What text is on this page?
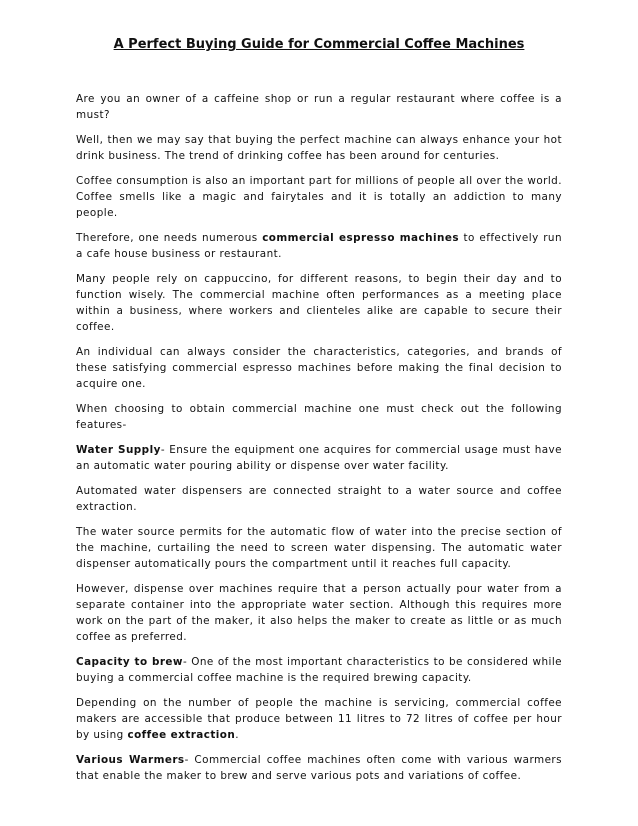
A Perfect Buying Guide for Commercial Coffee Machines

Are you an owner of a caffeine shop or run a regular restaurant where coffee is a must?

Well, then we may say that buying the perfect machine can always enhance your hot drink business. The trend of drinking coffee has been around for centuries.

Coffee consumption is also an important part for millions of people all over the world. Coffee smells like a magic and fairytales and it is totally an addiction to many people.

Therefore, one needs numerous commercial espresso machines to effectively run a cafe house business or restaurant.

Many people rely on cappuccino, for different reasons, to begin their day and to function wisely. The commercial machine often performances as a meeting place within a business, where workers and clienteles alike are capable to secure their coffee.

An individual can always consider the characteristics, categories, and brands of these satisfying commercial espresso machines before making the final decision to acquire one.

When choosing to obtain commercial machine one must check out the following features-

Water Supply- Ensure the equipment one acquires for commercial usage must have an automatic water pouring ability or dispense over water facility.

Automated water dispensers are connected straight to a water source and coffee extraction.

The water source permits for the automatic flow of water into the precise section of the machine, curtailing the need to screen water dispensing. The automatic water dispenser automatically pours the compartment until it reaches full capacity.

However, dispense over machines require that a person actually pour water from a separate container into the appropriate water section. Although this requires more work on the part of the maker, it also helps the maker to create as little or as much coffee as preferred.

Capacity to brew- One of the most important characteristics to be considered while buying a commercial coffee machine is the required brewing capacity.

Depending on the number of people the machine is servicing, commercial coffee makers are accessible that produce between 11 litres to 72 litres of coffee per hour by using coffee extraction.

Various Warmers- Commercial coffee machines often come with various warmers that enable the maker to brew and serve various pots and variations of coffee.
